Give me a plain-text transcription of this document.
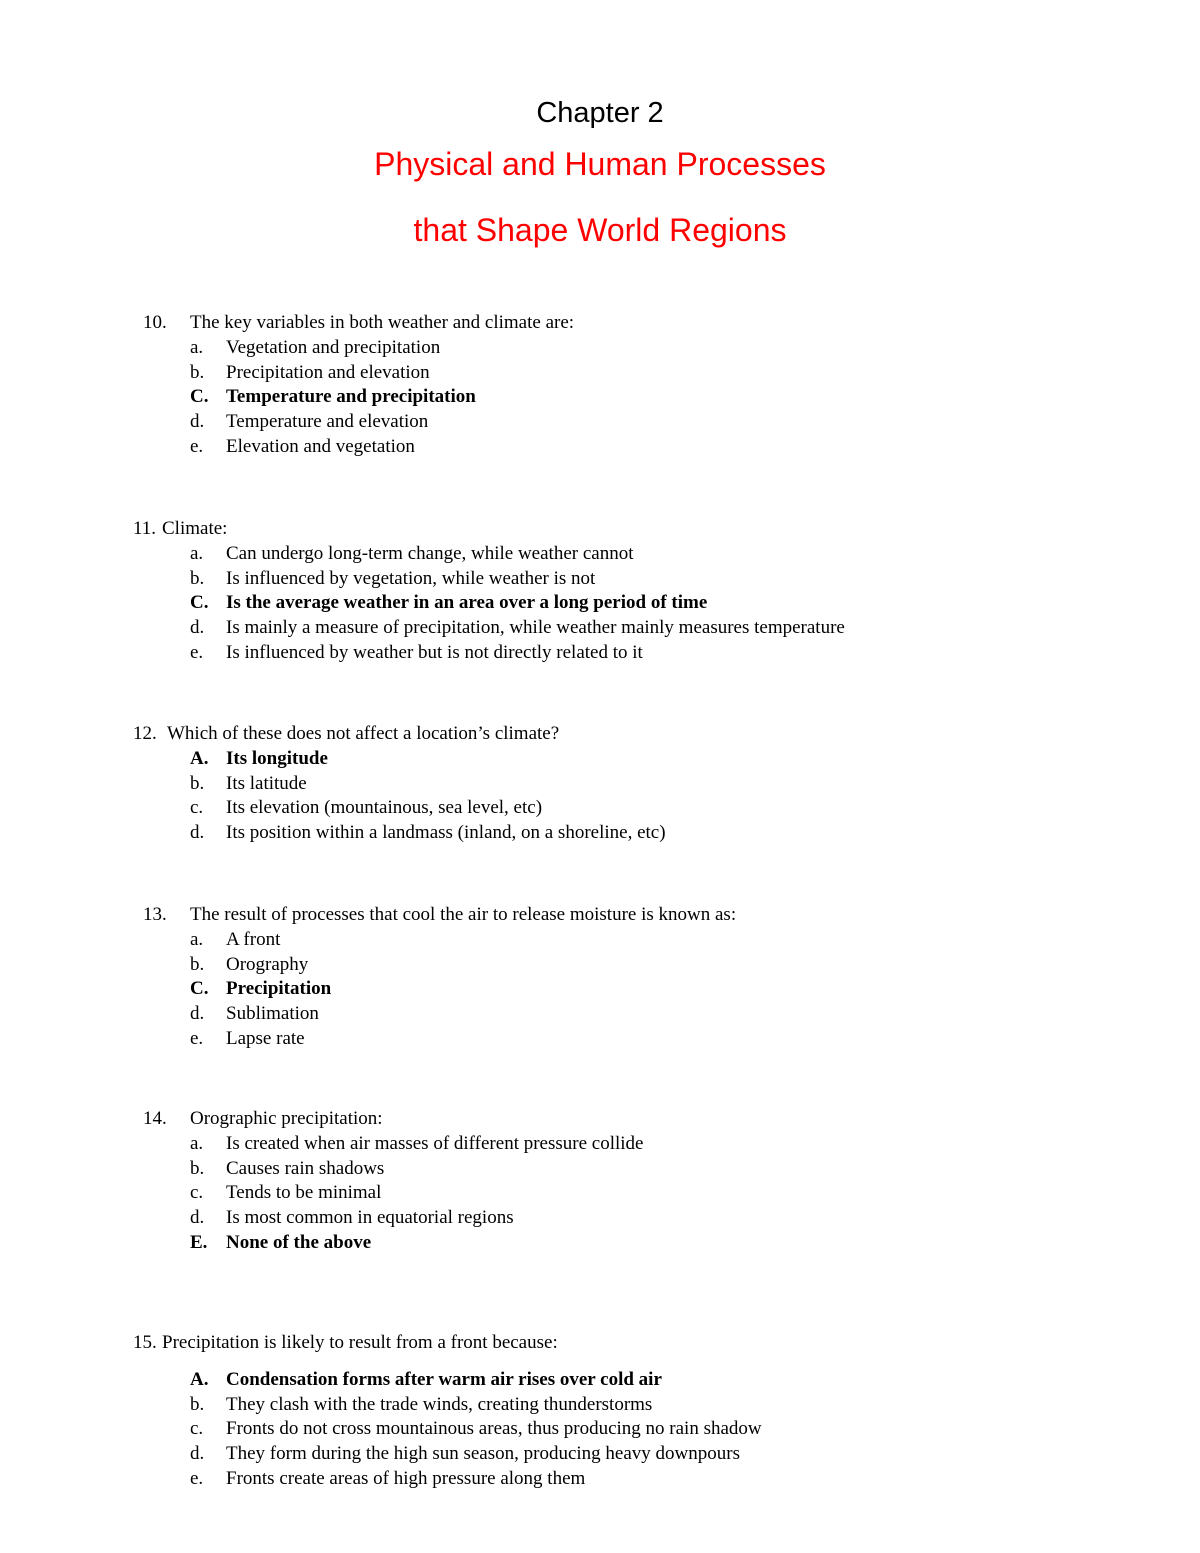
Chapter 2
Physical and Human Processes
that Shape World Regions
10. The key variables in both weather and climate are:
a. Vegetation and precipitation
b. Precipitation and elevation
C. Temperature and precipitation
d. Temperature and elevation
e. Elevation and vegetation
11. Climate:
a. Can undergo long-term change, while weather cannot
b. Is influenced by vegetation, while weather is not
C. Is the average weather in an area over a long period of time
d. Is mainly a measure of precipitation, while weather mainly measures temperature
e. Is influenced by weather but is not directly related to it
12. Which of these does not affect a location’s climate?
A. Its longitude
b. Its latitude
c. Its elevation (mountainous, sea level, etc)
d. Its position within a landmass (inland, on a shoreline, etc)
13. The result of processes that cool the air to release moisture is known as:
a. A front
b. Orography
C. Precipitation
d. Sublimation
e. Lapse rate
14. Orographic precipitation:
a. Is created when air masses of different pressure collide
b. Causes rain shadows
c. Tends to be minimal
d. Is most common in equatorial regions
E. None of the above
15. Precipitation is likely to result from a front because:
A. Condensation forms after warm air rises over cold air
b. They clash with the trade winds, creating thunderstorms
c. Fronts do not cross mountainous areas, thus producing no rain shadow
d. They form during the high sun season, producing heavy downpours
e. Fronts create areas of high pressure along them
